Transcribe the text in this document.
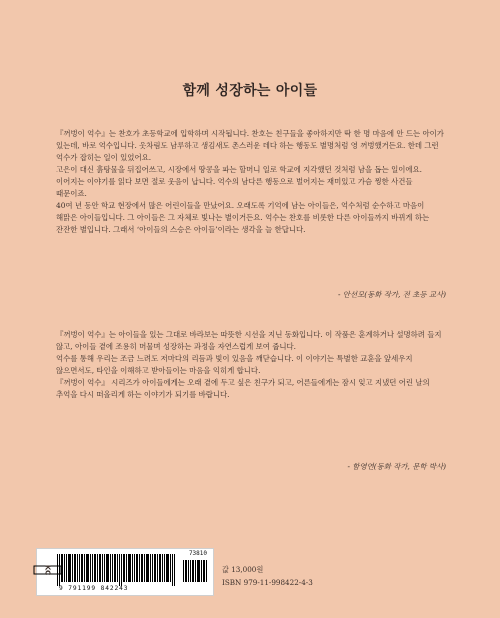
함께 성장하는 아이들

『꺼벙이 억수』는 찬호가 초등학교에 입학하며 시작됩니다. 찬호는 친구들을 좋아하지만 딱 한 명 마음에 안 드는 아이가 있는데, 바로 억수입니다. 옷차림도 남루하고 생김새도 촌스러운 데다 하는 행동도 별명처럼 영 꺼벙했거든요. 한데 그런 억수가 잡히는 일이 있었어요.

고은이 대신 흙탕물을 뒤집어쓰고, 시장에서 땅콩을 파는 할머니 일로 학교에 지각했던 것처럼 남을 돕는 일이에요. 이어지는 이야기를 읽다 보면 절로 웃음이 납니다. 억수의 남다른 행동으로 벌어지는 재미있고 가슴 찡한 사건들 때문이죠.

40여 년 동안 학교 현장에서 많은 어린이들을 만났어요. 오래도록 기억에 남는 아이들은, 억수처럼 순수하고 마음이 해맑은 아이들입니다. 그 아이들은 그 자체로 빛나는 별이거든요. 억수는 찬호를 비롯한 다른 아이들까지 바뀌게 하는 잔잔한 별입니다. 그래서 ‘아이들의 스승은 아이들’이라는 생각을 늘 한답니다.

- 안선모(동화 작가, 전 초등 교사)

『꺼벙이 억수』는 아이들을 있는 그대로 바라보는 따뜻한 시선을 지닌 동화입니다. 이 작품은 훈계하거나 설명하려 들지 않고, 아이들 곁에 조용히 머물며 성장하는 과정을 자연스럽게 보여 줍니다.

억수를 통해 우리는 조금 느려도 저마다의 리듬과 빛이 있음을 깨닫습니다. 이 이야기는 특별한 교훈을 앞세우지 않으면서도, 타인을 이해하고 받아들이는 마음을 익히게 합니다.

『꺼벙이 억수』 시리즈가 아이들에게는 오래 곁에 두고 싶은 친구가 되고, 어른들에게는 잠시 잊고 지냈던 어린 날의 추억을 다시 떠올리게 하는 이야기가 되기를 바랍니다.

- 함영연(동화 작가, 문학 박사)
KC
73810
9 791199 842243
값 13,000원
ISBN 979-11-998422-4-3
